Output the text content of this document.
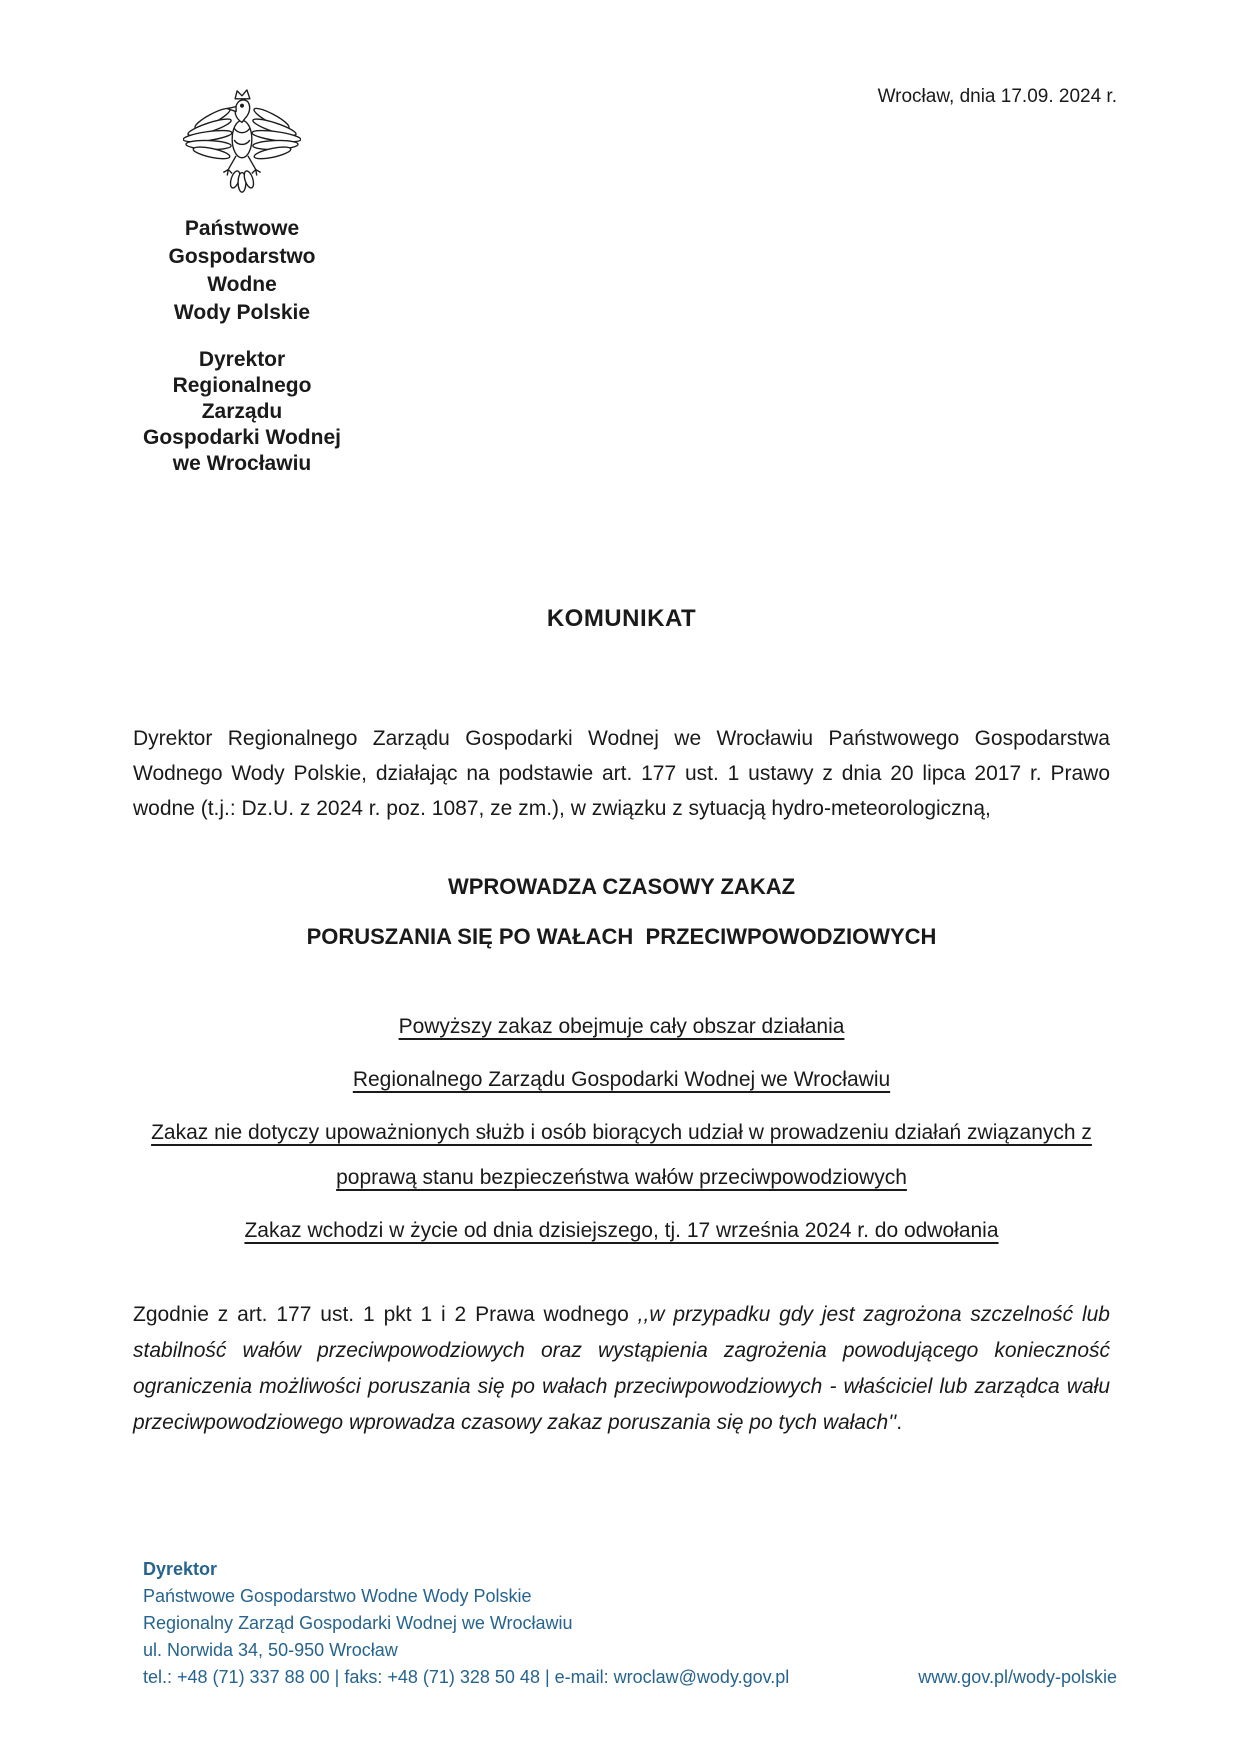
Wrocław, dnia 17.09. 2024 r.
Państwowe
Gospodarstwo Wodne
Wody Polskie
Dyrektor
Regionalnego Zarządu
Gospodarki Wodnej
we Wrocławiu
KOMUNIKAT
Dyrektor Regionalnego Zarządu Gospodarki Wodnej we Wrocławiu Państwowego Gospodarstwa Wodnego Wody Polskie, działając na podstawie art. 177 ust. 1 ustawy z dnia 20 lipca 2017 r. Prawo wodne (t.j.: Dz.U. z 2024 r. poz. 1087, ze zm.), w związku z sytuacją hydro-meteorologiczną,
WPROWADZA CZASOWY ZAKAZ
PORUSZANIA SIĘ PO WAŁACH  PRZECIWPOWODZIOWYCH
Powyższy zakaz obejmuje cały obszar działania
Regionalnego Zarządu Gospodarki Wodnej we Wrocławiu
Zakaz nie dotyczy upoważnionych służb i osób biorących udział w prowadzeniu działań związanych z poprawą stanu bezpieczeństwa wałów przeciwpowodziowych
Zakaz wchodzi w życie od dnia dzisiejszego, tj. 17 września 2024 r. do odwołania
Zgodnie z art. 177 ust. 1 pkt 1 i 2 Prawa wodnego ,,w przypadku gdy jest zagrożona szczelność lub stabilność wałów przeciwpowodziowych oraz wystąpienia zagrożenia powodującego konieczność ograniczenia możliwości poruszania się po wałach przeciwpowodziowych - właściciel lub zarządca wału przeciwpowodziowego wprowadza czasowy zakaz poruszania się po tych wałach''.
Dyrektor
Państwowe Gospodarstwo Wodne Wody Polskie
Regionalny Zarząd Gospodarki Wodnej we Wrocławiu
ul. Norwida 34, 50-950 Wrocław
tel.: +48 (71) 337 88 00 | faks: +48 (71) 328 50 48 | e-mail: wroclaw@wody.gov.pl	www.gov.pl/wody-polskie
